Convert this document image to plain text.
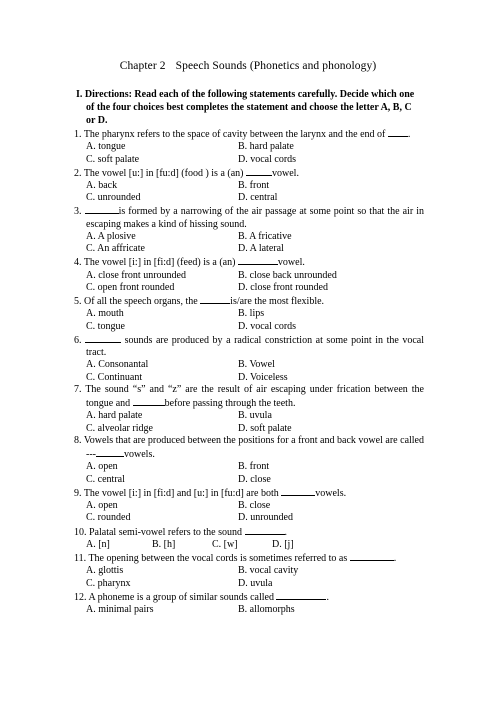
Chapter 2 Speech Sounds (Phonetics and phonology)
I. Directions: Read each of the following statements carefully. Decide which one
of the four choices best completes the statement and choose the letter A, B, C
or D.
1. The pharynx refers to the space of cavity between the larynx and the end of .
A. tongue	B. hard palate
C. soft palate	D. vocal cords
2. The vowel [u:] in [fu:d] (food ) is a (an)	vowel.
A. back	B. front
C. unrounded	D. central
3.	is formed by a narrowing of the air passage at some point so that the air in escaping makes a kind of hissing sound.
A. A plosive	B. A fricative
C. An affricate	D. A lateral
4. The vowel [i:] in [fi:d] (feed) is a (an)	vowel.
A. close front unrounded	B. close back unrounded
C. open front rounded	D. close front rounded
5. Of all the speech organs, the	is/are the most flexible.
A. mouth	B. lips
C. tongue	D. vocal cords
6.	sounds are produced by a radical constriction at some point in the vocal tract.
A. Consonantal	B. Vowel
C. Continuant	D. Voiceless
7. The sound “s” and “z” are the result of air escaping under frication between the tongue and	before passing through the teeth.
A. hard palate	B. uvula
C. alveolar ridge	D. soft palate
8. Vowels that are produced between the positions for a front and back vowel are called ---	vowels.
A. open	B. front
C. central	D. close
9. The vowel [i:] in [fi:d] and [u:] in [fu:d] are both	vowels.
A. open	B. close
C. rounded	D. unrounded
10. Palatal semi-vowel refers to the sound	.
A. [n]	B. [h]	C. [w]	D. [j]
11. The opening between the vocal cords is sometimes referred to as	.
A. glottis	B. vocal cavity
C. pharynx	D. uvula
12. A phoneme is a group of similar sounds called	.
A. minimal pairs	B. allomorphs
